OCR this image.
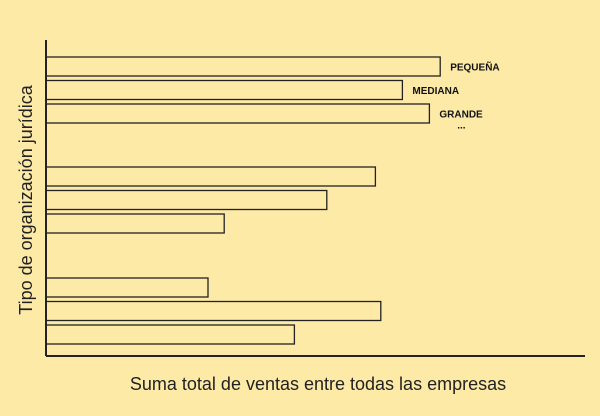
PEQUEÑA
MEDIANA
GRANDE
...
Suma total de ventas entre todas las empresas
Tipo de organización jurídica
